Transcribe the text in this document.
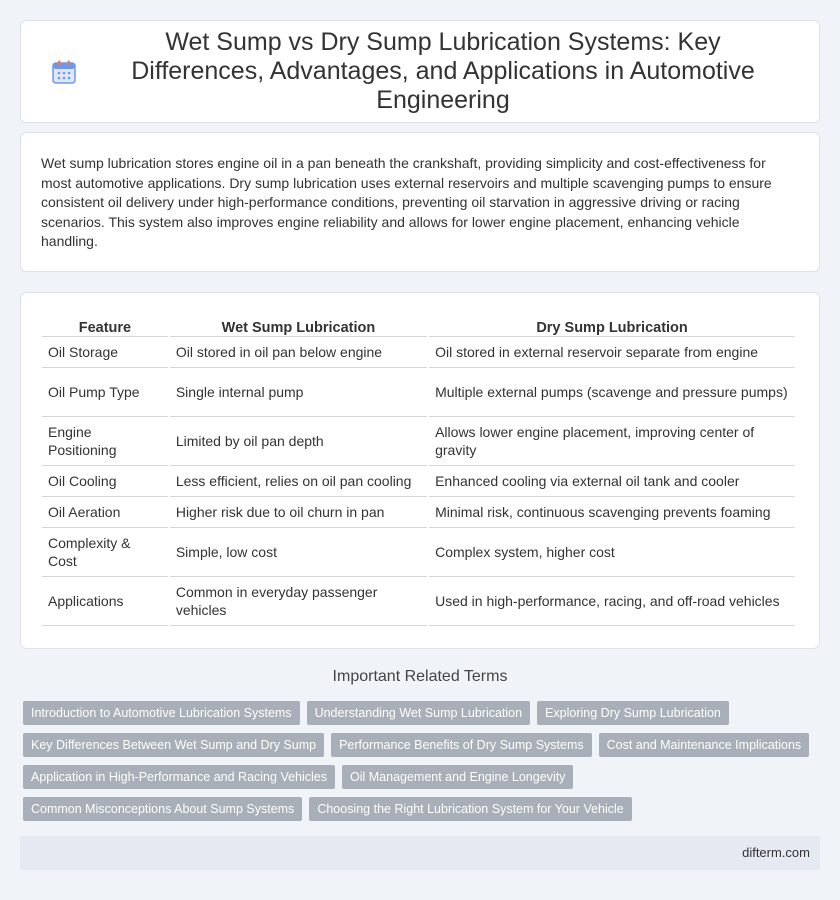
Wet Sump vs Dry Sump Lubrication Systems: Key Differences, Advantages, and Applications in Automotive Engineering

Wet sump lubrication stores engine oil in a pan beneath the crankshaft, providing simplicity and cost-effectiveness for most automotive applications. Dry sump lubrication uses external reservoirs and multiple scavenging pumps to ensure consistent oil delivery under high-performance conditions, preventing oil starvation in aggressive driving or racing scenarios. This system also improves engine reliability and allows for lower engine placement, enhancing vehicle handling.

Feature	Wet Sump Lubrication	Dry Sump Lubrication
Oil Storage	Oil stored in oil pan below engine	Oil stored in external reservoir separate from engine
Oil Pump Type	Single internal pump	Multiple external pumps (scavenge and pressure pumps)
Engine Positioning	Limited by oil pan depth	Allows lower engine placement, improving center of gravity
Oil Cooling	Less efficient, relies on oil pan cooling	Enhanced cooling via external oil tank and cooler
Oil Aeration	Higher risk due to oil churn in pan	Minimal risk, continuous scavenging prevents foaming
Complexity & Cost	Simple, low cost	Complex system, higher cost
Applications	Common in everyday passenger vehicles	Used in high-performance, racing, and off-road vehicles
Important Related Terms
Introduction to Automotive Lubrication Systems	Understanding Wet Sump Lubrication	Exploring Dry Sump Lubrication
Key Differences Between Wet Sump and Dry Sump	Performance Benefits of Dry Sump Systems	Cost and Maintenance Implications
Application in High-Performance and Racing Vehicles	Oil Management and Engine Longevity
Common Misconceptions About Sump Systems	Choosing the Right Lubrication System for Your Vehicle
difterm.com
